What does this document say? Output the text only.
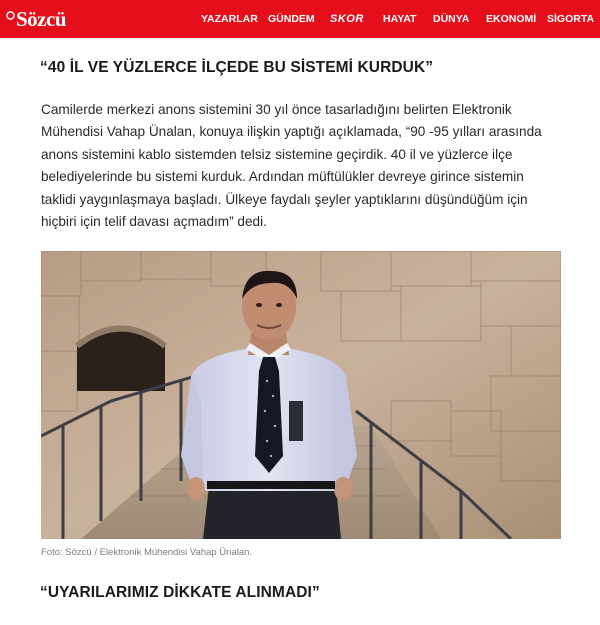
Sözcü	YAZARLAR GÜNDEM SKOR HAYAT DÜNYA EKONOMİ SİGORTA
“40 İL VE YÜZLERCE İLÇEDE BU SİSTEMİ KURDUK”

Camilerde merkezi anons sistemini 30 yıl önce tasarladığını belirten Elektronik Mühendisi Vahap Ünalan, konuya ilişkin yaptığı açıklamada, “90 -95 yılları arasında anons sistemini kablo sistemden telsiz sistemine geçirdik. 40 il ve yüzlerce ilçe belediyelerinde bu sistemi kurduk. Ardından müftülükler devreye girince sistemin taklidi yaygınlaşmaya başladı. Ülkeye faydalı şeyler yaptıklarını düşündüğüm için hiçbiri için telif davası açmadım” dedi.

Foto: Sözcü / Elektronik Mühendisi Vahap Ünalan.

“UYARILARIMIZ DİKKATE ALINMADI”
